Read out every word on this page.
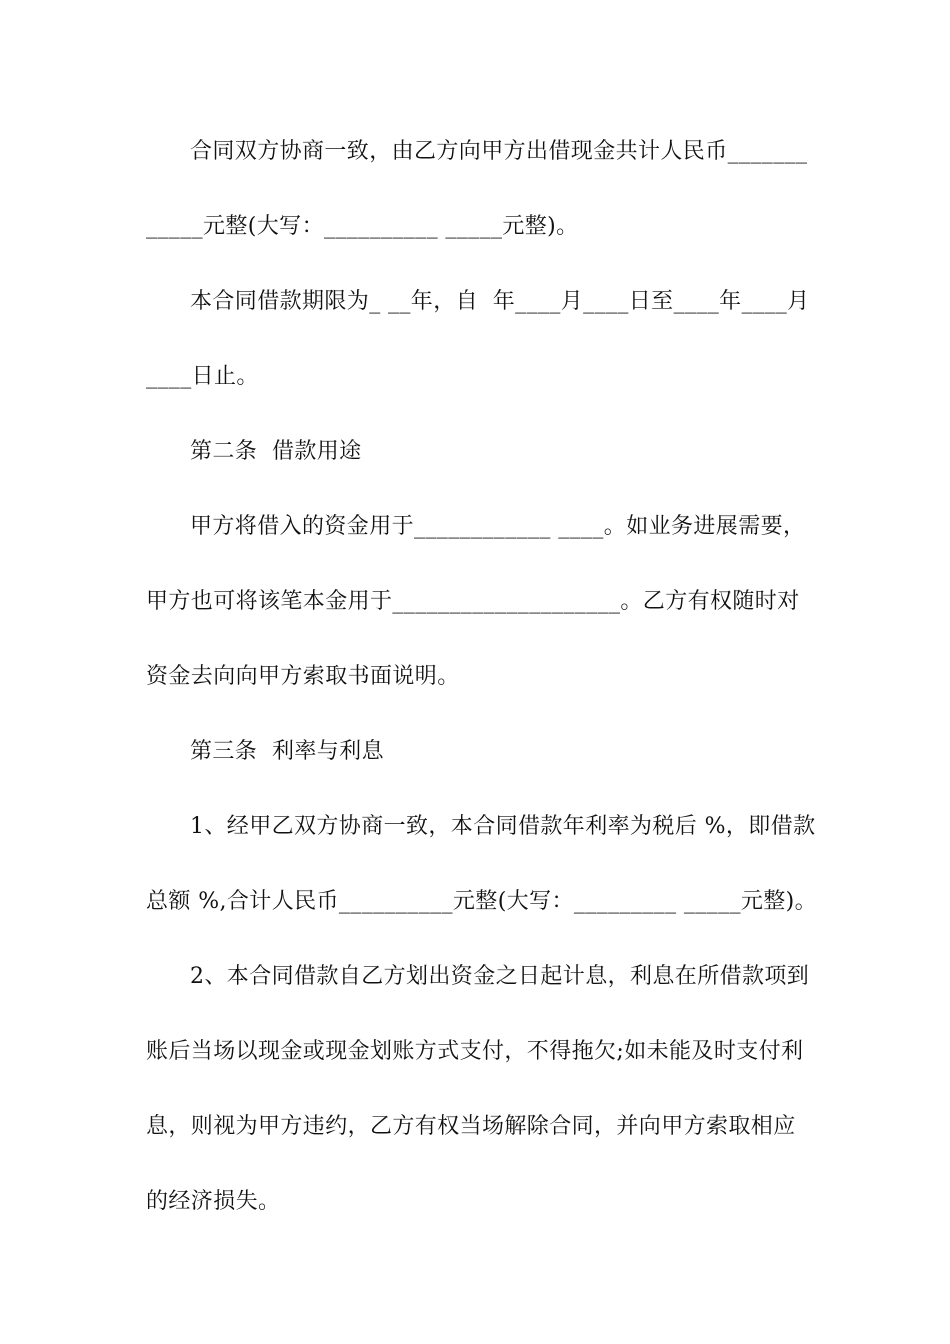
合同双方协商一致，由乙方向甲方出借现金共计人民币_______
_____元整(大写：__________ _____元整)。
本合同借款期限为_ __年，自  年____月____日至____年____月
____日止。
第二条  借款用途
甲方将借入的资金用于____________ ____。如业务进展需要，
甲方也可将该笔本金用于____________________。乙方有权随时对
资金去向向甲方索取书面说明。
第三条  利率与利息
1、经甲乙双方协商一致，本合同借款年利率为税后 %，即借款
总额 %,合计人民币__________元整(大写：_________ _____元整)。
2、本合同借款自乙方划出资金之日起计息，利息在所借款项到
账后当场以现金或现金划账方式支付，不得拖欠;如未能及时支付利
息，则视为甲方违约，乙方有权当场解除合同，并向甲方索取相应
的经济损失。
